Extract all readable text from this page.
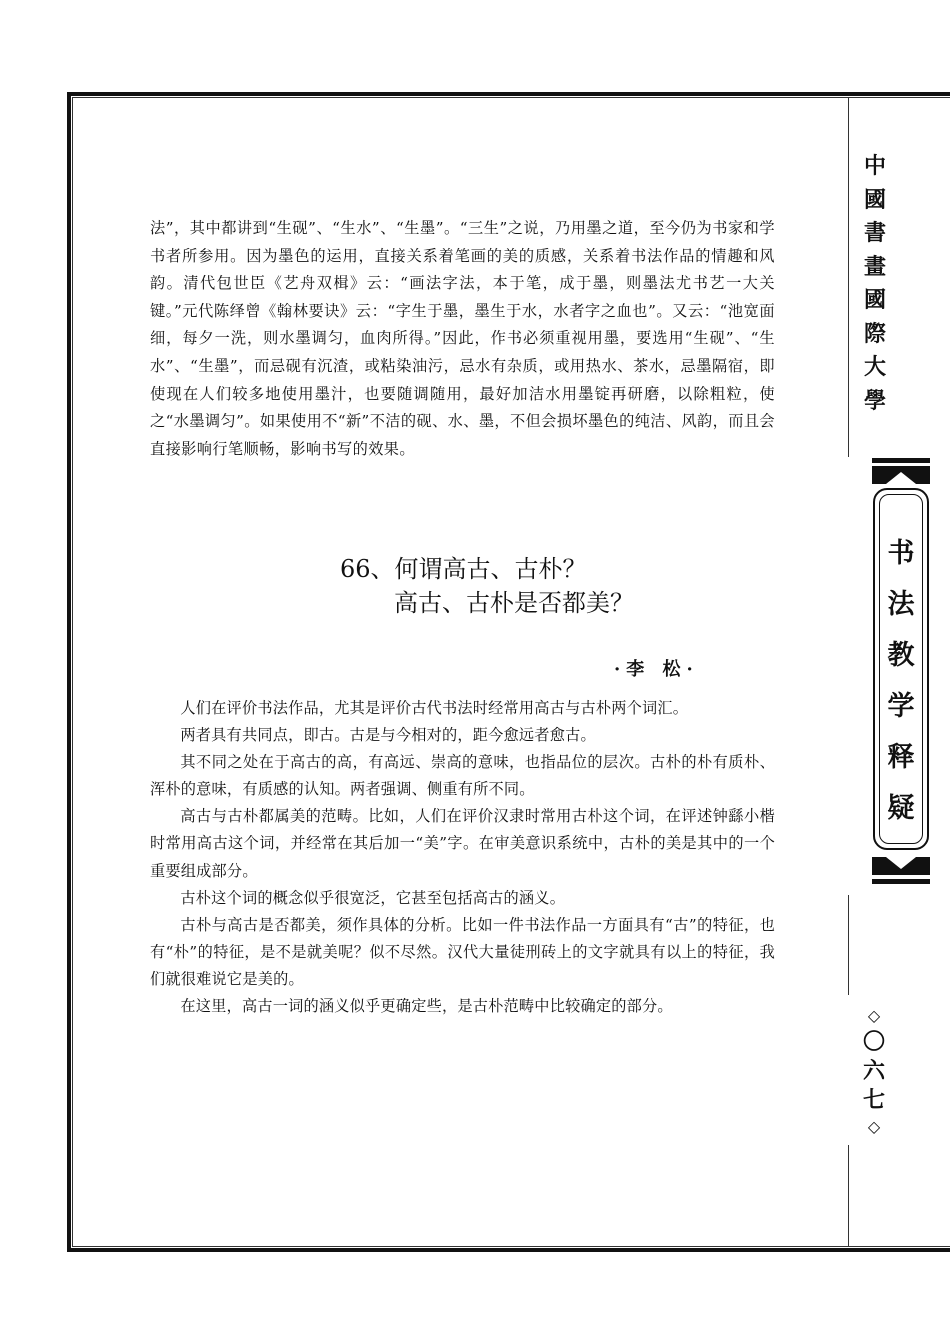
中
國
書
畫
國
際
大
學
书
法
教
学
释
疑
◇
〇
六
七
◇

法”，其中都讲到“生砚”、“生水”、“生墨”。“三生”之说，乃用墨之道，至今仍为书家和学书者所参用。因为墨色的运用，直接关系着笔画的美的质感，关系着书法作品的情趣和风韵。清代包世臣《艺舟双楫》云：“画法字法，本于笔，成于墨，则墨法尤书艺一大关键。”元代陈绎曾《翰林要诀》云：“字生于墨，墨生于水，水者字之血也”。又云：“池宽面细，每夕一洗，则水墨调匀，血肉所得。”因此，作书必须重视用墨，要选用“生砚”、“生水”、“生墨”，而忌砚有沉渣，或粘染油污，忌水有杂质，或用热水、茶水，忌墨隔宿，即使现在人们较多地使用墨汁，也要随调随用，最好加洁水用墨锭再研磨，以除粗粒，使之“水墨调匀”。如果使用不“新”不洁的砚、水、墨，不但会损坏墨色的纯洁、风韵，而且会直接影响行笔顺畅，影响书写的效果。

66、何谓高古、古朴？
高古、古朴是否都美？
·李 松·

人们在评价书法作品，尤其是评价古代书法时经常用高古与古朴两个词汇。

两者具有共同点，即古。古是与今相对的，距今愈远者愈古。

其不同之处在于高古的高，有高远、崇高的意味，也指品位的层次。古朴的朴有质朴、浑朴的意味，有质感的认知。两者强调、侧重有所不同。

高古与古朴都属美的范畴。比如，人们在评价汉隶时常用古朴这个词，在评述钟繇小楷时常用高古这个词，并经常在其后加一“美”字。在审美意识系统中，古朴的美是其中的一个重要组成部分。

古朴这个词的概念似乎很宽泛，它甚至包括高古的涵义。

古朴与高古是否都美，须作具体的分析。比如一件书法作品一方面具有“古”的特征，也有“朴”的特征，是不是就美呢？似不尽然。汉代大量徒刑砖上的文字就具有以上的特征，我们就很难说它是美的。

在这里，高古一词的涵义似乎更确定些，是古朴范畴中比较确定的部分。
